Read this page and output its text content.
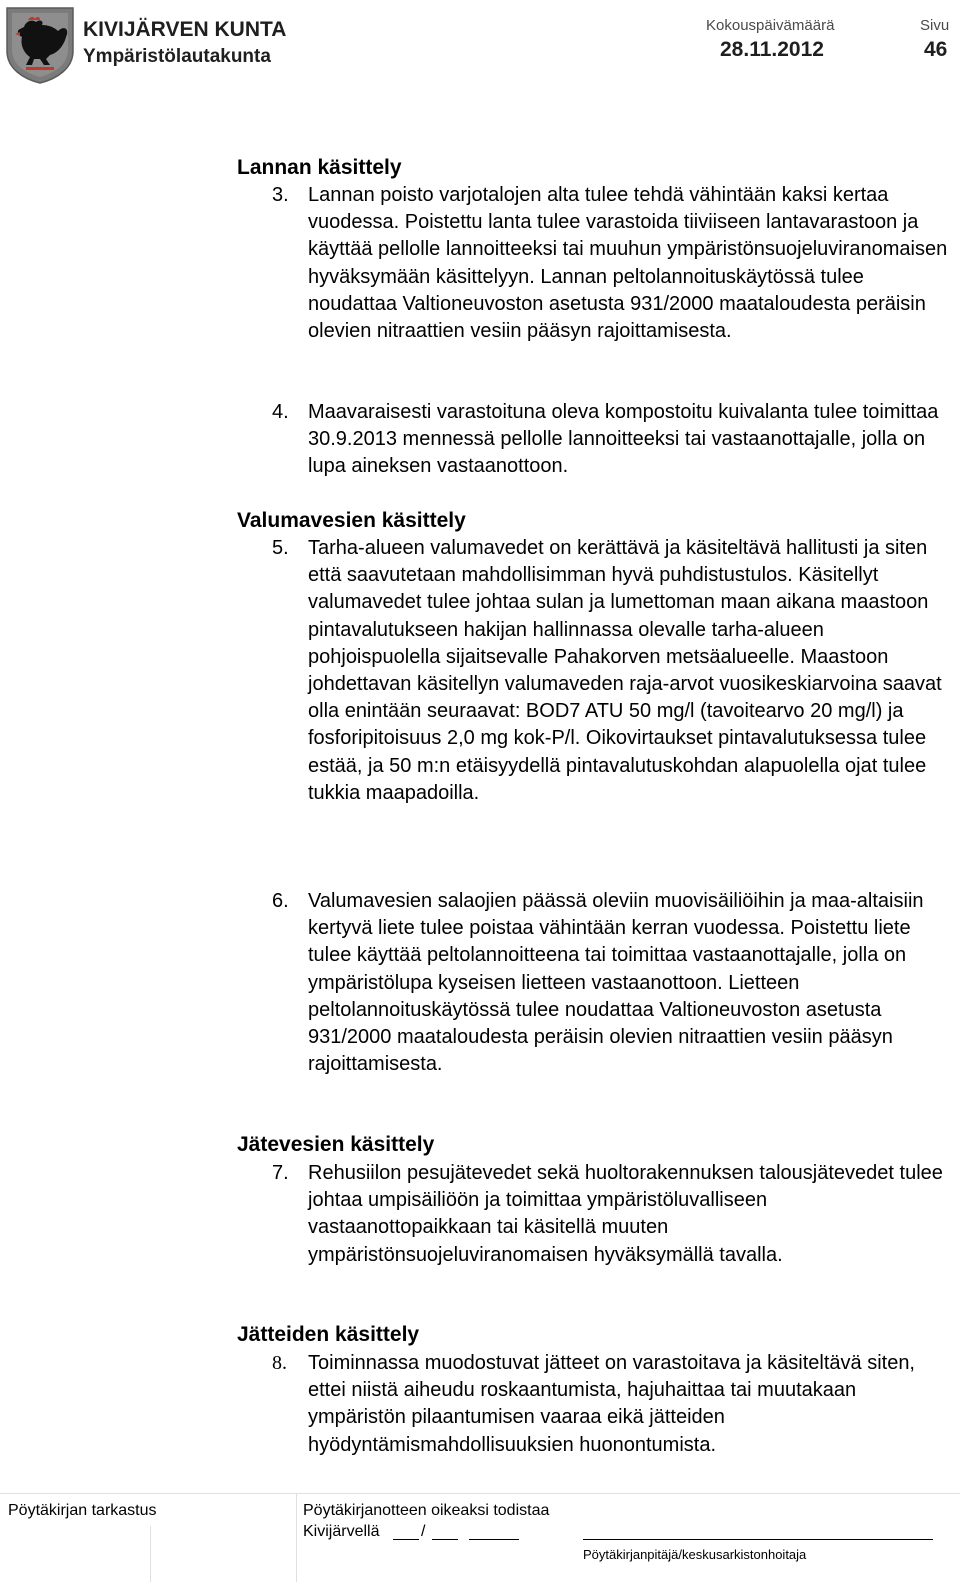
KIVIJÄRVEN KUNTA
Ympäristölautakunta
Kokouspäivämäärä
28.11.2012
Sivu
46
Lannan käsittely
3. Lannan poisto varjotalojen alta tulee tehdä vähintään kaksi kertaa vuodessa. Poistettu lanta tulee varastoida tiiviiseen lantavarastoon ja käyttää pellolle lannoitteeksi tai muuhun ympäristönsuojeluviranomaisen hyväksymään käsittelyyn. Lannan peltolannoituskäytössä tulee noudattaa Valtioneuvoston asetusta 931/2000 maataloudesta peräisin olevien nitraattien vesiin pääsyn rajoittamisesta.
4. Maavaraisesti varastoituna oleva kompostoitu kuivalanta tulee toimittaa 30.9.2013 mennessä pellolle lannoitteeksi tai vastaanottajalle, jolla on lupa aineksen vastaanottoon.
Valumavesien käsittely
5. Tarha-alueen valumavedet on kerättävä ja käsiteltävä hallitusti ja siten että saavutetaan mahdollisimman hyvä puhdistustulos. Käsitellyt valumavedet tulee johtaa sulan ja lumettoman maan aikana maastoon pintavalutukseen hakijan hallinnassa olevalle tarha-alueen pohjoispuolella sijaitsevalle Pahakorven metsäalueelle. Maastoon johdettavan käsitellyn valumaveden raja-arvot vuosikeskiarvoina saavat olla enintään seuraavat: BOD7 ATU 50 mg/l (tavoitearvo 20 mg/l) ja fosforipitoisuus 2,0 mg kok-P/l. Oikovirtaukset pintavalutuksessa tulee estää, ja 50 m:n etäisyydellä pintavalutuskohdan alapuolella ojat tulee tukkia maapadoilla.
6. Valumavesien salaojien päässä oleviin muovisäiliöihin ja maa-altaisiin kertyvä liete tulee poistaa vähintään kerran vuodessa. Poistettu liete tulee käyttää peltolannoitteena tai toimittaa vastaanottajalle, jolla on ympäristölupa kyseisen lietteen vastaanottoon. Lietteen peltolannoituskäytössä tulee noudattaa Valtioneuvoston asetusta 931/2000 maataloudesta peräisin olevien nitraattien vesiin pääsyn rajoittamisesta.
Jätevesien käsittely
7. Rehusiilon pesujätevedet sekä huoltorakennuksen talousjätevedet tulee johtaa umpisäiliöön ja toimittaa ympäristöluvalliseen vastaanottopaikkaan tai käsitellä muuten ympäristönsuojeluviranomaisen hyväksymällä tavalla.
Jätteiden käsittely
8. Toiminnassa muodostuvat jätteet on varastoitava ja käsiteltävä siten, ettei niistä aiheudu roskaantumista, hajuhaittaa tai muutakaan ympäristön pilaantumisen vaaraa eikä jätteiden hyödyntämismahdollisuuksien huonontumista.
Pöytäkirjan tarkastus	Pöytäkirjanotteen oikeaksi todistaa
Kivijärvellä	/
Pöytäkirjanpitäjä/keskusarkistonhoitaja
